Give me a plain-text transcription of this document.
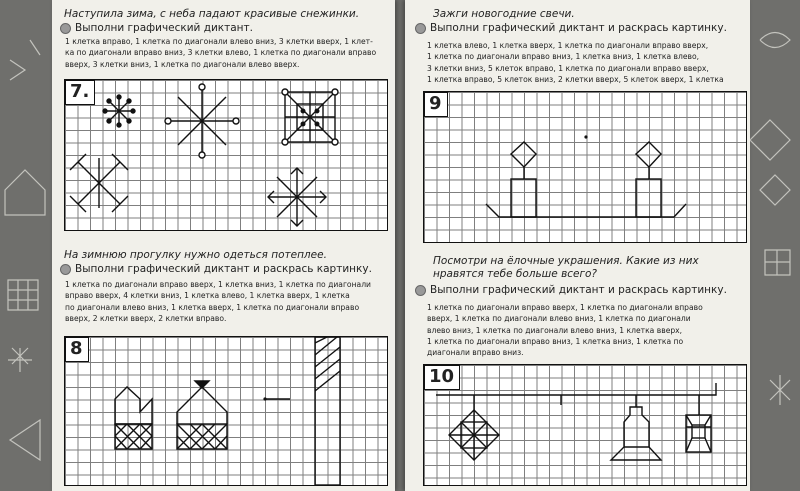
Наступила зима, с неба падают красивые снежинки.
Выполни графический диктант.
1 клетка вправо, 1 клетка по диагонали влево вниз, 3 клетки вверх, 1 клет-
ка по диагонали вправо вниз, 3 клетки влево, 1 клетка по диагонали вправо
вверх, 3 клетки вниз, 1 клетка по диагонали влево вверх.
7.
На зимнюю прогулку нужно одеться потеплее.
Выполни графический диктант и раскрась картинку.
1 клетка по диагонали вправо вверх, 1 клетка вниз, 1 клетка по диагонали
вправо вверх, 4 клетки вниз, 1 клетка влево, 1 клетка вверх, 1 клетка
по диагонали влево вниз, 1 клетка вверх, 1 клетка по диагонали вправо
вверх, 2 клетки вверх, 2 клетки вправо.
8
Зажги новогодние свечи.
Выполни графический диктант и раскрась картинку.
1 клетка влево, 1 клетка вверх, 1 клетка по диагонали вправо вверх,
1 клетка по диагонали вправо вниз, 1 клетка вниз, 1 клетка влево,
3 клетки вниз, 5 клеток вправо, 1 клетка по диагонали вправо вверх,
1 клетка вправо, 5 клеток вниз, 2 клетки вверх, 5 клеток вверх, 1 клетка
9
Посмотри на ёлочные украшения. Какие из них нравятся тебе больше всего?
Выполни графический диктант и раскрась картинку.
1 клетка по диагонали вправо вверх, 1 клетка по диагонали вправо
вверх, 1 клетка по диагонали влево вниз, 1 клетка по диагонали
влево вниз, 1 клетка по диагонали влево вниз, 1 клетка вверх,
1 клетка по диагонали вправо вниз, 1 клетка вниз, 1 клетка по
диагонали вправо вниз.
10
